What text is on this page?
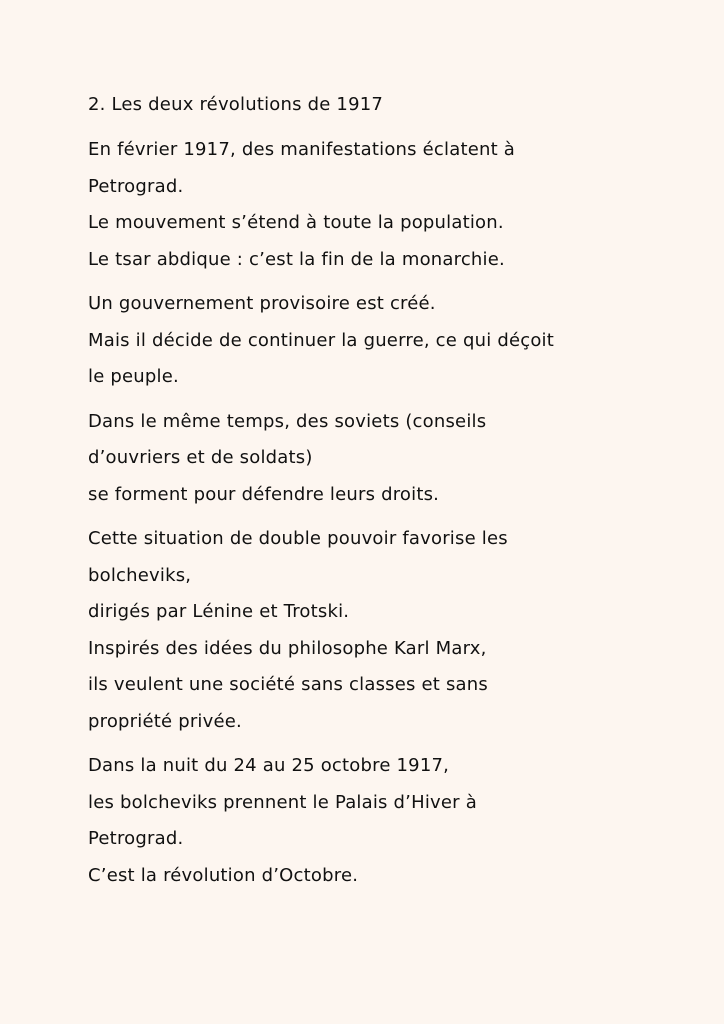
2. Les deux révolutions de 1917
En février 1917, des manifestations éclatent à
Petrograd.
Le mouvement s’étend à toute la population.
Le tsar abdique : c’est la fin de la monarchie.
Un gouvernement provisoire est créé.
Mais il décide de continuer la guerre, ce qui déçoit
le peuple.
Dans le même temps, des soviets (conseils
d’ouvriers et de soldats)
se forment pour défendre leurs droits.
Cette situation de double pouvoir favorise les
bolcheviks,
dirigés par Lénine et Trotski.
Inspirés des idées du philosophe Karl Marx,
ils veulent une société sans classes et sans
propriété privée.
Dans la nuit du 24 au 25 octobre 1917,
les bolcheviks prennent le Palais d’Hiver à
Petrograd.
C’est la révolution d’Octobre.
